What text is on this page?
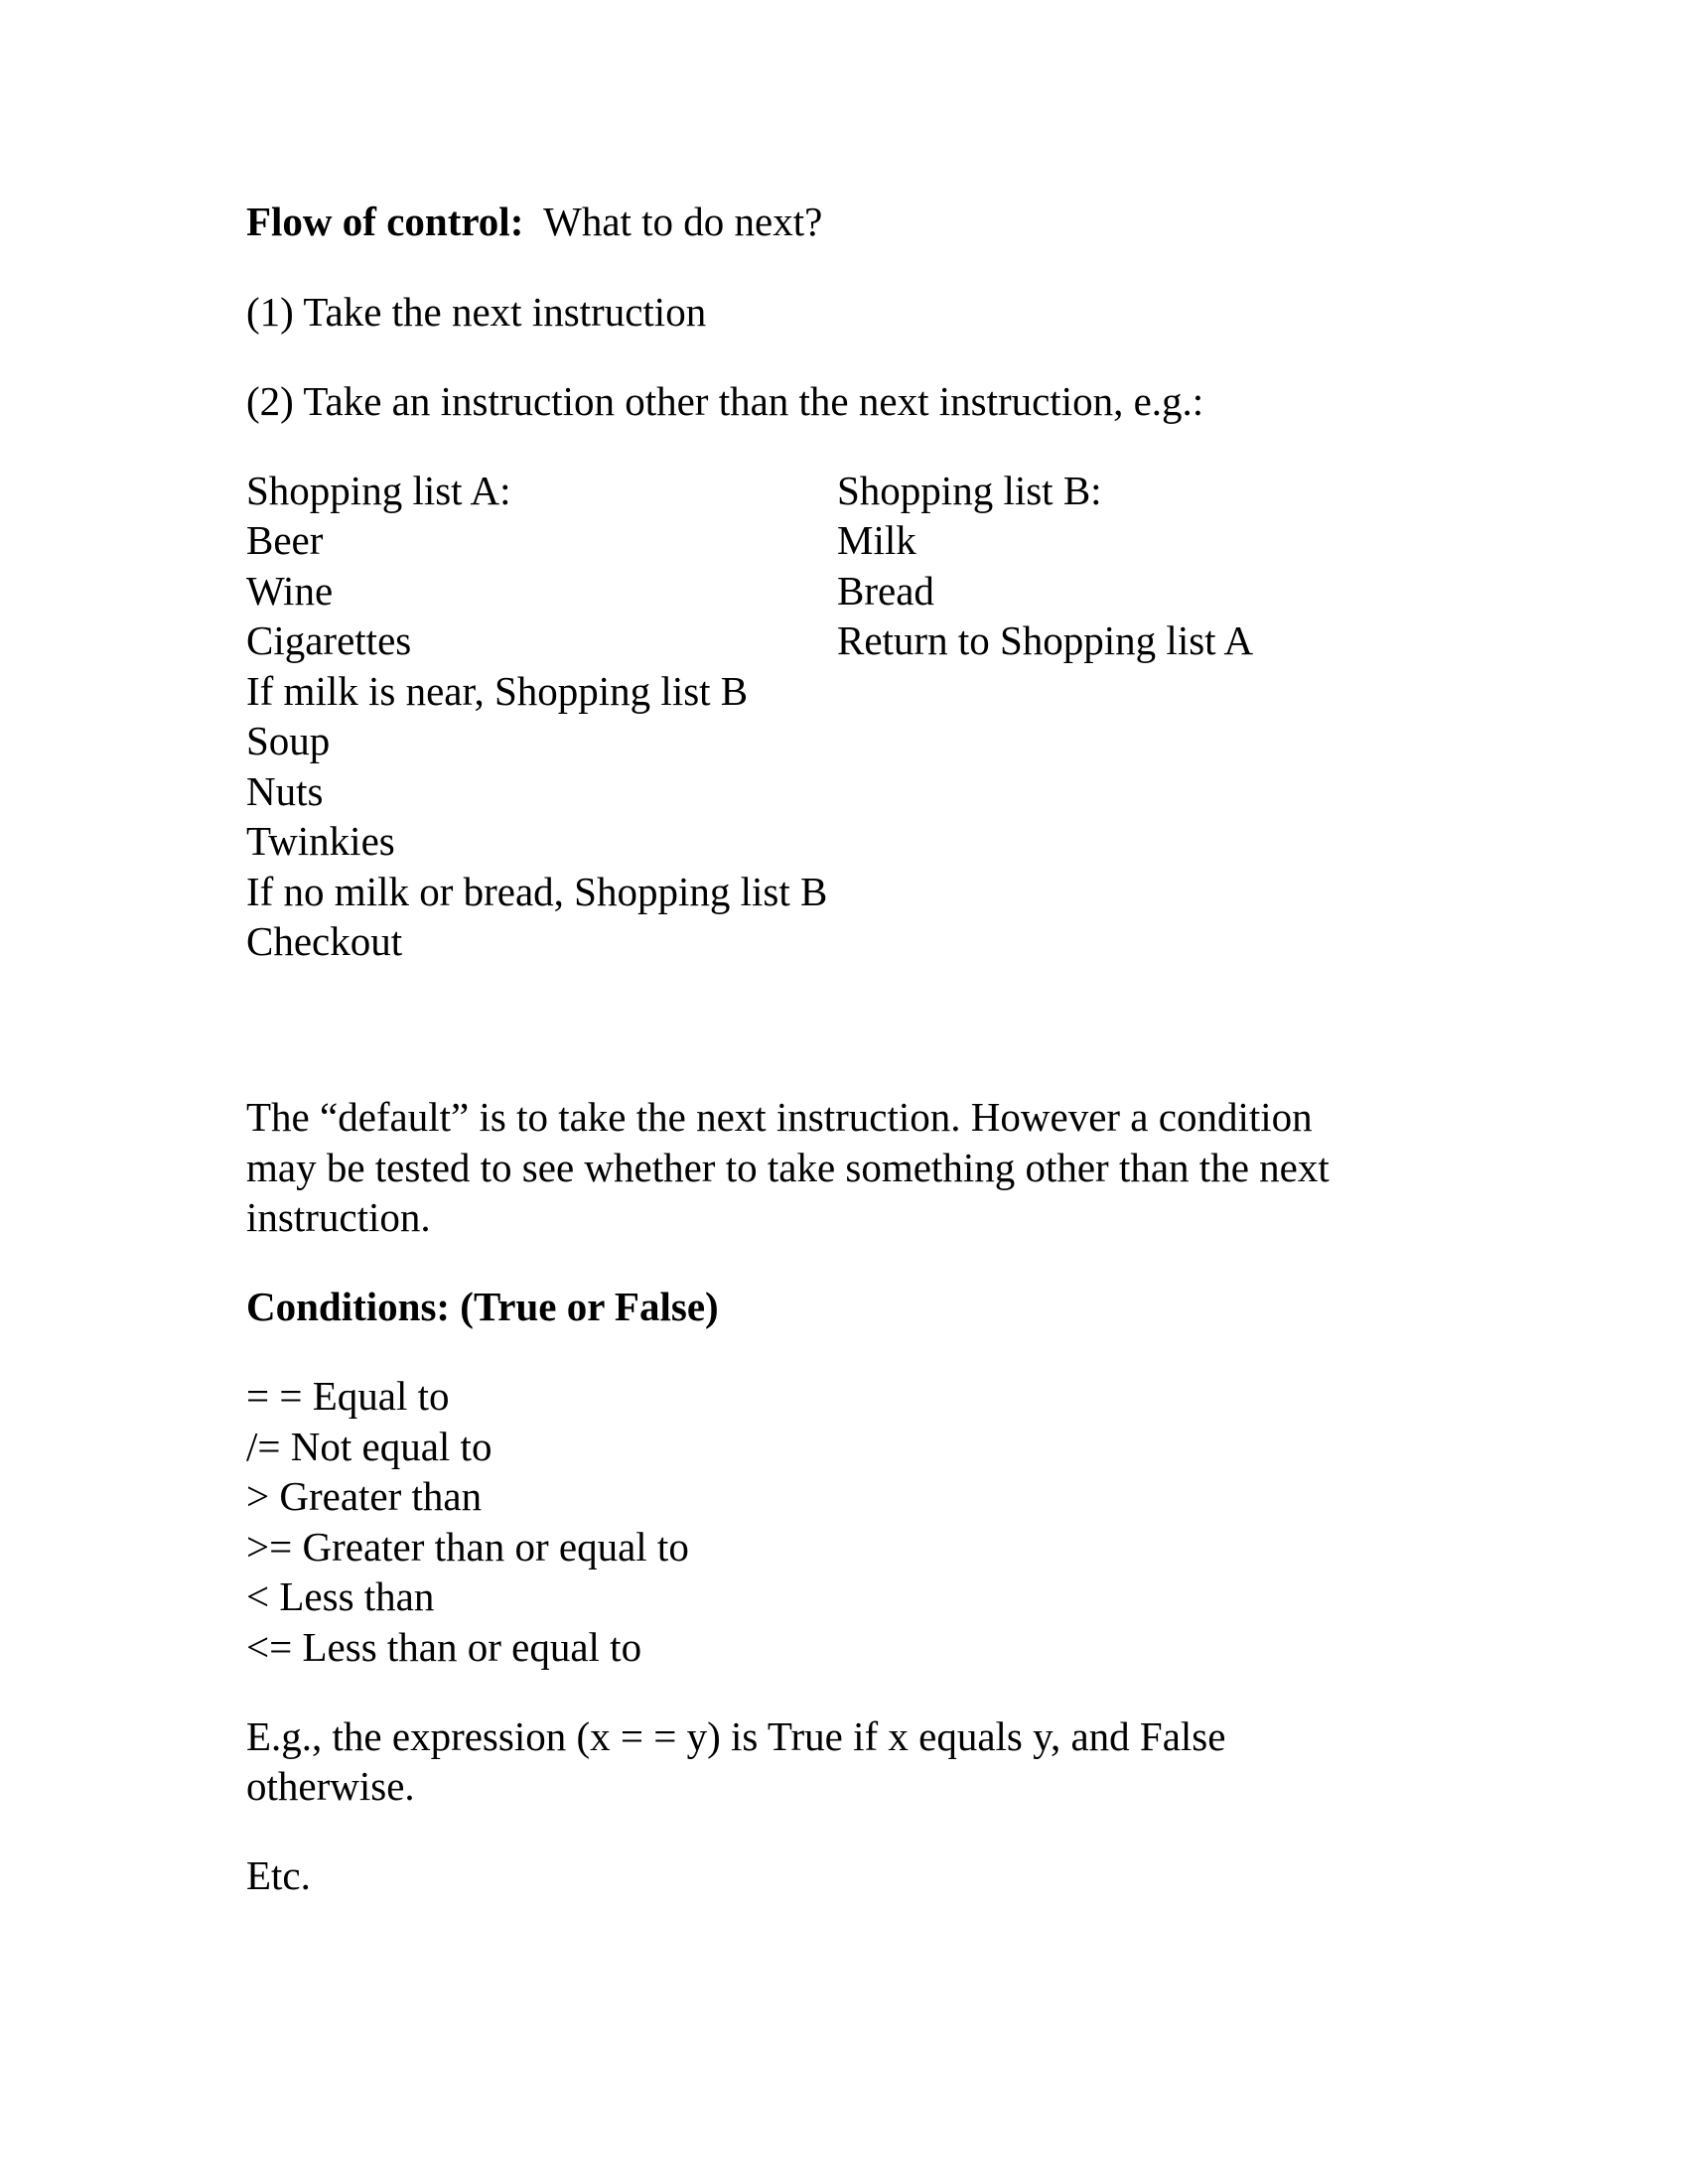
Flow of control:  What to do next?
(1) Take the next instruction
(2) Take an instruction other than the next instruction, e.g.:
Shopping list A:
Beer
Wine
Cigarettes
If milk is near, Shopping list B
Soup
Nuts
Twinkies
If no milk or bread, Shopping list B
Checkout
Shopping list B:
Milk
Bread
Return to Shopping list A
The “default” is to take the next instruction. However a condition
may be tested to see whether to take something other than the next
instruction.
Conditions: (True or False)
= = Equal to
/= Not equal to
> Greater than
>= Greater than or equal to
< Less than
<= Less than or equal to
E.g., the expression (x = = y) is True if x equals y, and False
otherwise.
Etc.
